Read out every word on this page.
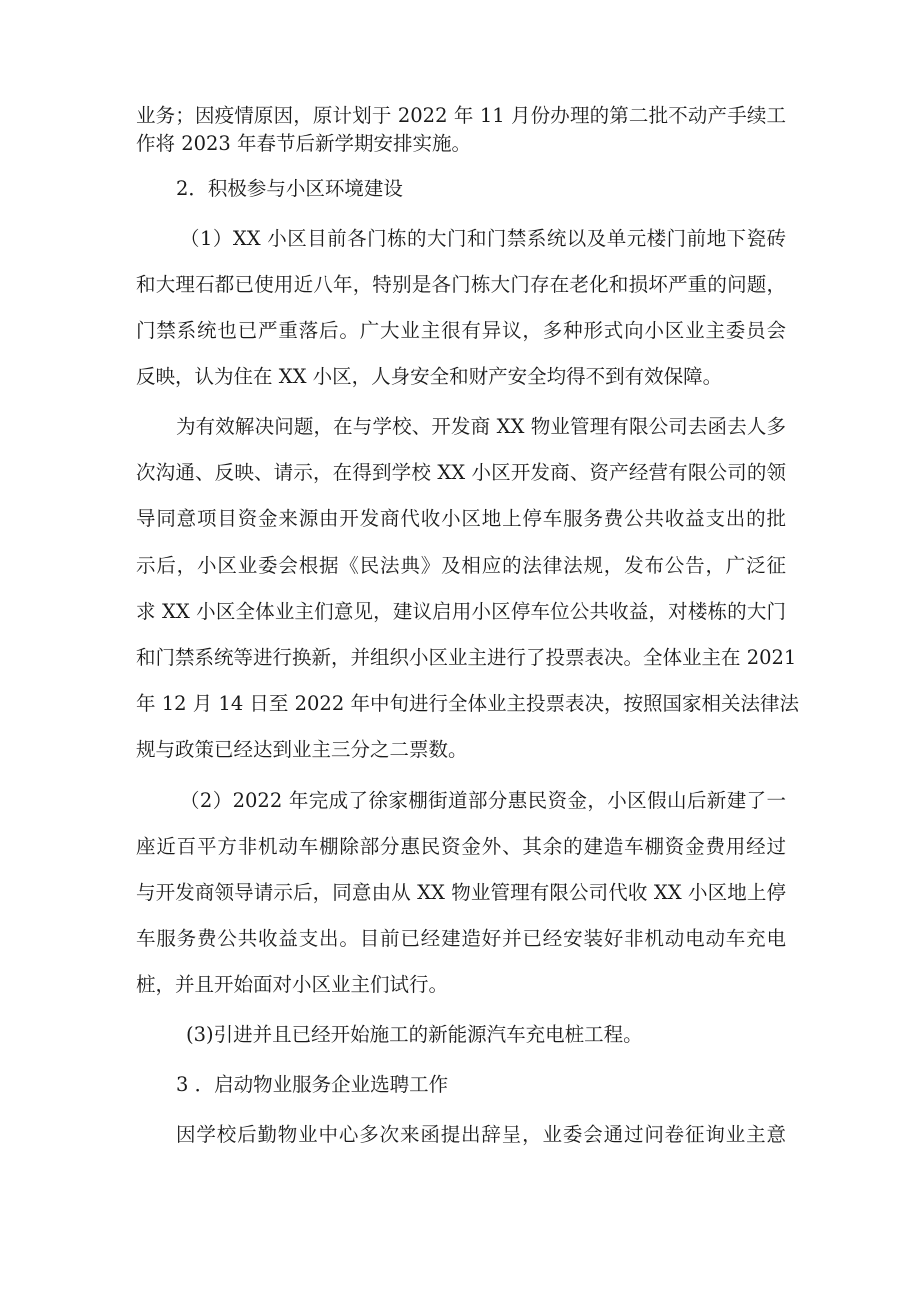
业务；因疫情原因，原计划于 2022 年 11 月份办理的第二批不动产手续工
作将 2023 年春节后新学期安排实施。
2．积极参与小区环境建设
（1）XX 小区目前各门栋的大门和门禁系统以及单元楼门前地下瓷砖
和大理石都已使用近八年，特别是各门栋大门存在老化和损坏严重的问题，
门禁系统也已严重落后。广大业主很有异议，多种形式向小区业主委员会
反映，认为住在 XX 小区，人身安全和财产安全均得不到有效保障。
为有效解决问题，在与学校、开发商 XX 物业管理有限公司去函去人多
次沟通、反映、请示，在得到学校 XX 小区开发商、资产经营有限公司的领
导同意项目资金来源由开发商代收小区地上停车服务费公共收益支出的批
示后，小区业委会根据《民法典》及相应的法律法规，发布公告，广泛征
求 XX 小区全体业主们意见，建议启用小区停车位公共收益，对楼栋的大门
和门禁系统等进行换新，并组织小区业主进行了投票表决。全体业主在 2021
年 12 月 14 日至 2022 年中旬进行全体业主投票表决，按照国家相关法律法
规与政策已经达到业主三分之二票数。
（2）2022 年完成了徐家棚街道部分惠民资金，小区假山后新建了一
座近百平方非机动车棚除部分惠民资金外、其余的建造车棚资金费用经过
与开发商领导请示后，同意由从 XX 物业管理有限公司代收 XX 小区地上停
车服务费公共收益支出。目前已经建造好并已经安装好非机动电动车充电
桩，并且开始面对小区业主们试行。
(3)引进并且已经开始施工的新能源汽车充电桩工程。
3 ．启动物业服务企业选聘工作
因学校后勤物业中心多次来函提出辞呈，业委会通过问卷征询业主意
